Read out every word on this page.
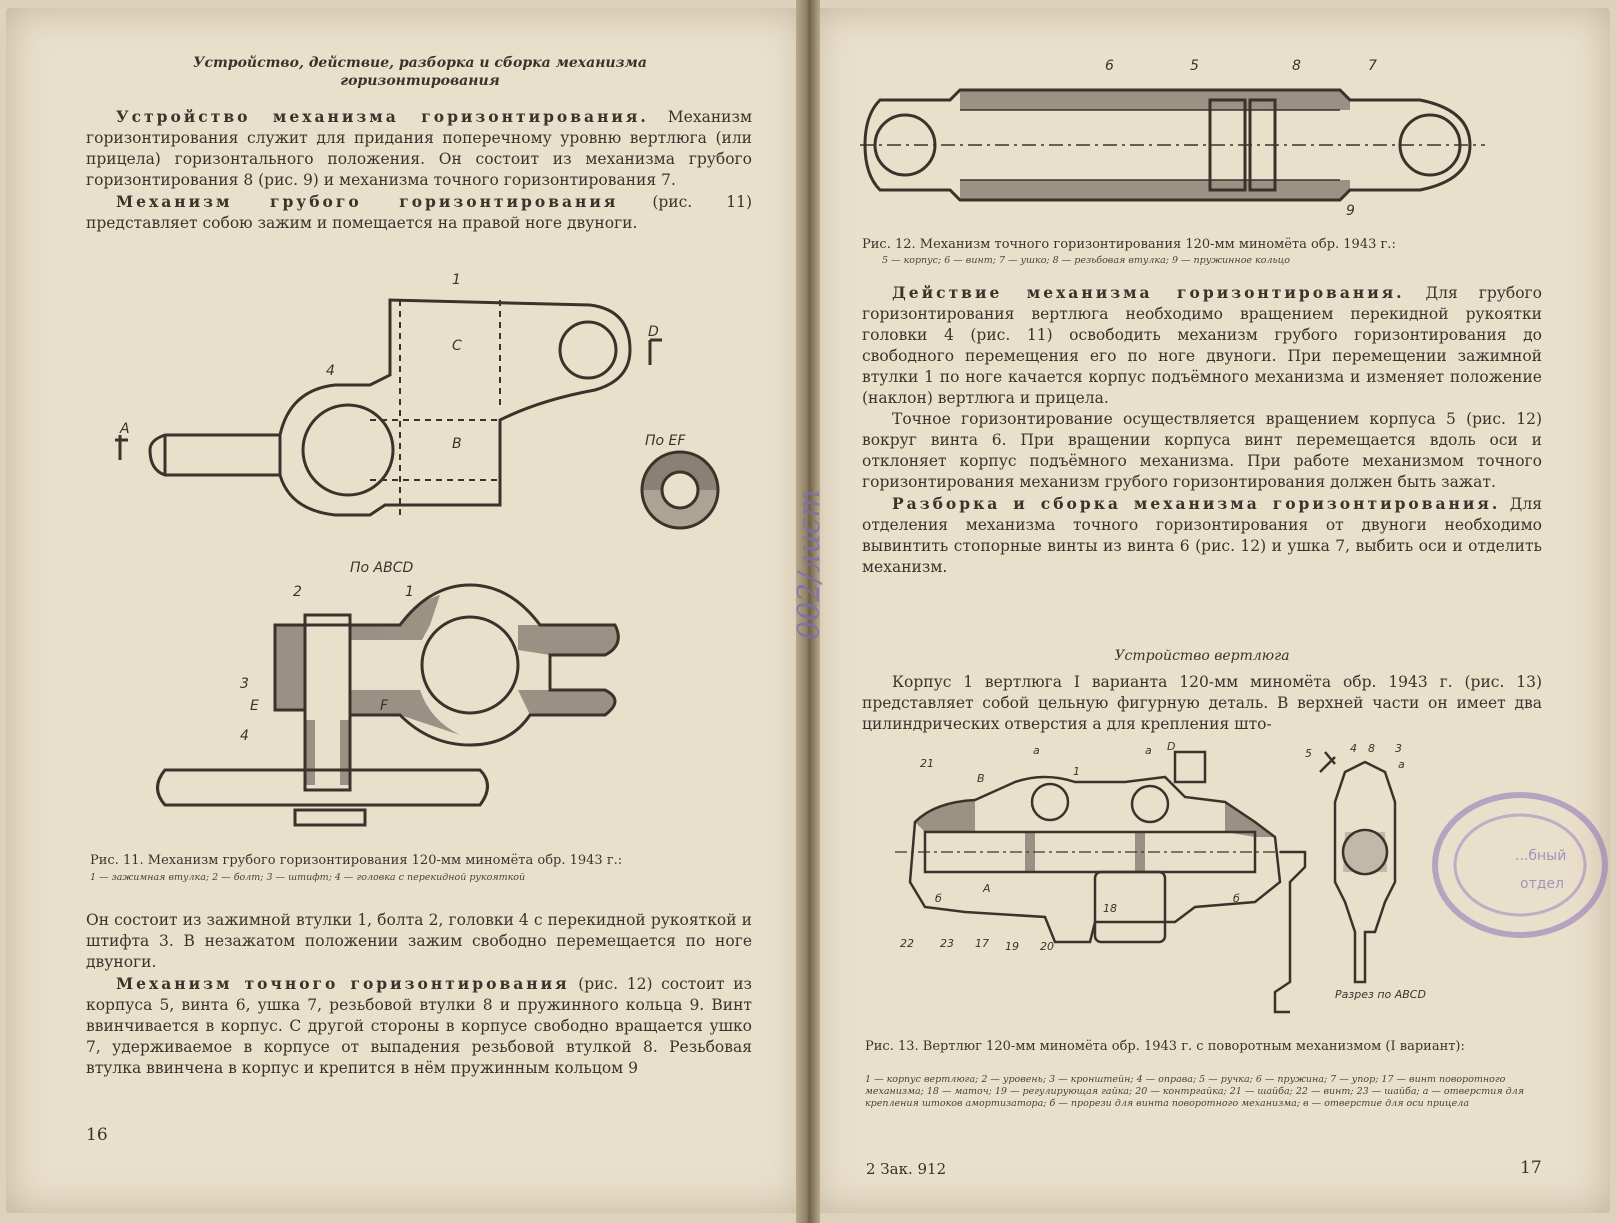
Устройство, действие, разборка и сборка механизма горизонтирования

Устройство механизма горизонтирования. Механизм горизонтирования служит для придания поперечному уровню вертлюга (или прицела) горизонтального положения. Он состоит из механизма грубого горизонтирования 8 (рис. 9) и механизма точного горизонтирования 7.

Механизм грубого горизонтирования (рис. 11) представляет собою зажим и помещается на правой ноге двуноги.

1
4
А
В
С
D
По ЕF
По АВСD
2	1
3
Е	F
4
Рис. 11. Механизм грубого горизонтирования 120-мм миномёта обр. 1943 г.:
1 — зажимная втулка; 2 — болт; 3 — штифт; 4 — головка с перекидной рукояткой

Он состоит из зажимной втулки 1, болта 2, головки 4 с перекидной рукояткой и штифта 3. В незажатом положении зажим свободно перемещается по ноге двуноги.

Механизм точного горизонтирования (рис. 12) состоит из корпуса 5, винта 6, ушка 7, резьбовой втулки 8 и пружинного кольца 9. Винт ввинчивается в корпус. С другой стороны в корпусе свободно вращается ушко 7, удерживаемое в корпусе от выпадения резьбовой втулкой 8. Резьбовая втулка ввинчена в корпус и крепится в нём пружинным кольцом 9

16
6	5	8	7
9
Рис. 12. Механизм точного горизонтирования 120-мм миномёта обр. 1943 г.:
5 — корпус; 6 — винт; 7 — ушко; 8 — резьбовая втулка; 9 — пружинное кольцо

Действие механизма горизонтирования. Для грубого горизонтирования вертлюга необходимо вращением перекидной рукоятки головки 4 (рис. 11) освободить механизм грубого горизонтирования до свободного перемещения его по ноге двуноги. При перемещении зажимной втулки 1 по ноге качается корпус подъёмного механизма и изменяет положение (наклон) вертлюга и прицела.

Точное горизонтирование осуществляется вращением корпуса 5 (рис. 12) вокруг винта 6. При вращении корпуса винт перемещается вдоль оси и отклоняет корпус подъёмного механизма. При работе механизмом точного горизонтирования механизм грубого горизонтирования должен быть зажат.

Разборка и сборка механизма горизонтирования. Для отделения механизма точного горизонтирования от двуноги необходимо вывинтить стопорные винты из винта 6 (рис. 12) и ушка 7, выбить оси и отделить механизм.

Устройство вертлюга

Корпус 1 вертлюга I варианта 120-мм миномёта обр. 1943 г. (рис. 13) представляет собой цельную фигурную деталь. В верхней части он имеет два цилиндрических отверстия а для крепления што-

21
В
а
1
а D
5	4 8 3
а
22 23 17 19 20
18
б
А
б
Разрез по АВСD
Рис. 13. Вертлюг 120-мм миномёта обр. 1943 г. с поворотным механизмом (I вариант):
1 — корпус вертлюга; 2 — уровень; 3 — кронштейн; 4 — оправа; 5 — ручка; 6 — пружина; 7 — упор; 17 — винт поворотного механизма; 18 — маточ; 19 — регулирующая гайка; 20 — контргайка; 21 — шайба; 22 — винт; 23 — шайба; а — отверстия для крепления штоков амортизатора; б — прорези для винта поворотного механизма; в — отверстие для оси прицела
2 Зак. 912	17
002/лист
...бный
отдел
